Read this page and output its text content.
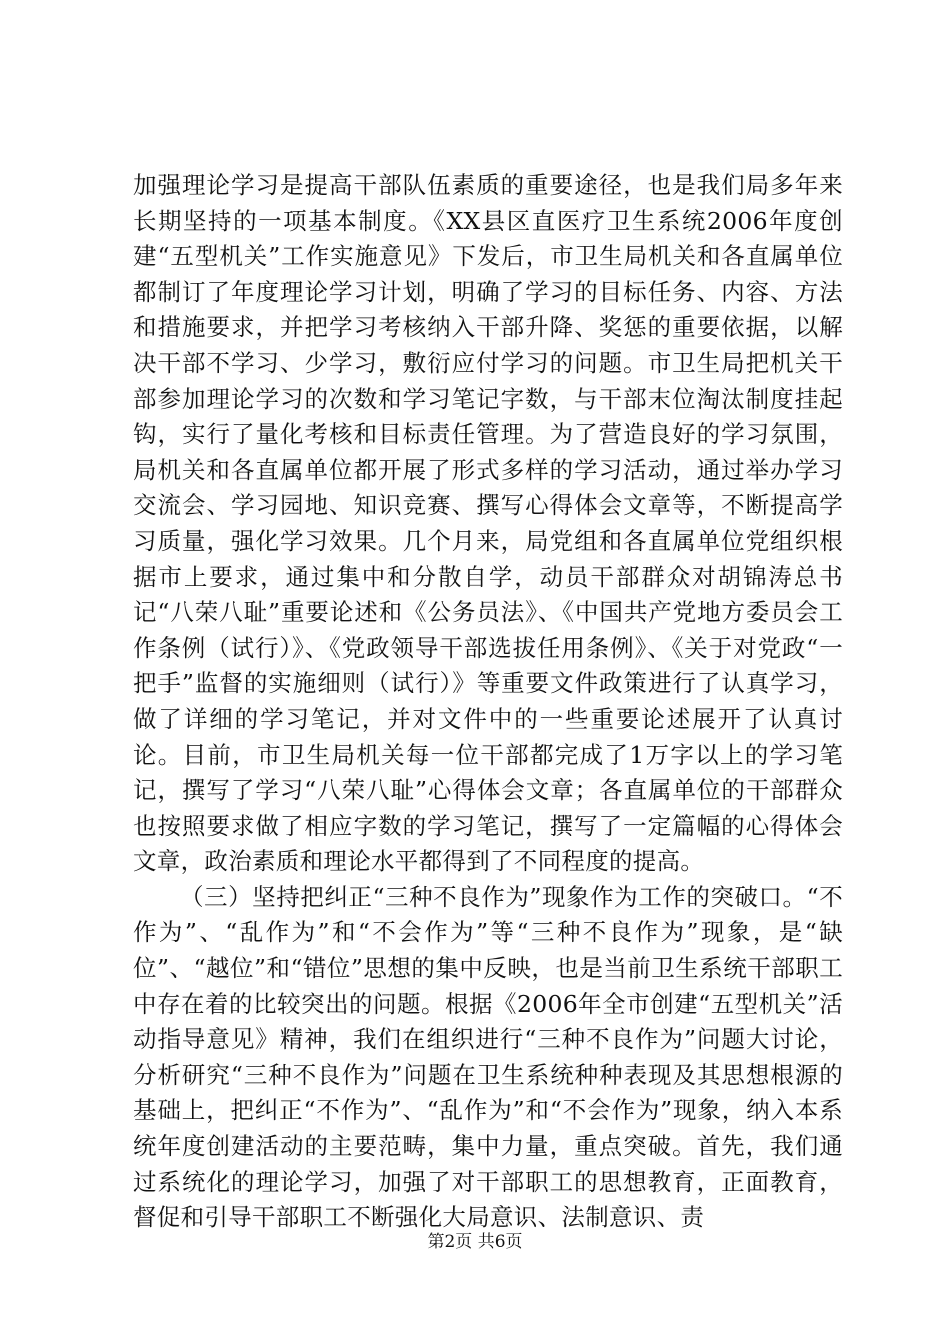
加强理论学习是提高干部队伍素质的重要途径，也是我们局多年来长期坚持的一项基本制度。《XX县区直医疗卫生系统2006年度创建“五型机关”工作实施意见》下发后，市卫生局机关和各直属单位都制订了年度理论学习计划，明确了学习的目标任务、内容、方法和措施要求，并把学习考核纳入干部升降、奖惩的重要依据，以解决干部不学习、少学习，敷衍应付学习的问题。市卫生局把机关干部参加理论学习的次数和学习笔记字数，与干部末位淘汰制度挂起钩，实行了量化考核和目标责任管理。为了营造良好的学习氛围，局机关和各直属单位都开展了形式多样的学习活动，通过举办学习交流会、学习园地、知识竞赛、撰写心得体会文章等，不断提高学习质量，强化学习效果。几个月来，局党组和各直属单位党组织根据市上要求，通过集中和分散自学，动员干部群众对胡锦涛总书记“八荣八耻”重要论述和《公务员法》、《中国共产党地方委员会工作条例（试行）》、《党政领导干部选拔任用条例》、《关于对党政“一把手”监督的实施细则（试行）》等重要文件政策进行了认真学习，做了详细的学习笔记，并对文件中的一些重要论述展开了认真讨论。目前，市卫生局机关每一位干部都完成了1万字以上的学习笔记，撰写了学习“八荣八耻”心得体会文章；各直属单位的干部群众也按照要求做了相应字数的学习笔记，撰写了一定篇幅的心得体会文章，政治素质和理论水平都得到了不同程度的提高。

（三）坚持把纠正“三种不良作为”现象作为工作的突破口。“不作为”、“乱作为”和“不会作为”等“三种不良作为”现象，是“缺位”、“越位”和“错位”思想的集中反映，也是当前卫生系统干部职工中存在着的比较突出的问题。根据《2006年全市创建“五型机关”活动指导意见》精神，我们在组织进行“三种不良作为”问题大讨论，分析研究“三种不良作为”问题在卫生系统种种表现及其思想根源的基础上，把纠正“不作为”、“乱作为”和“不会作为”现象，纳入本系统年度创建活动的主要范畴，集中力量，重点突破。首先，我们通过系统化的理论学习，加强了对干部职工的思想教育，正面教育，督促和引导干部职工不断强化大局意识、法制意识、责

第2页 共6页
